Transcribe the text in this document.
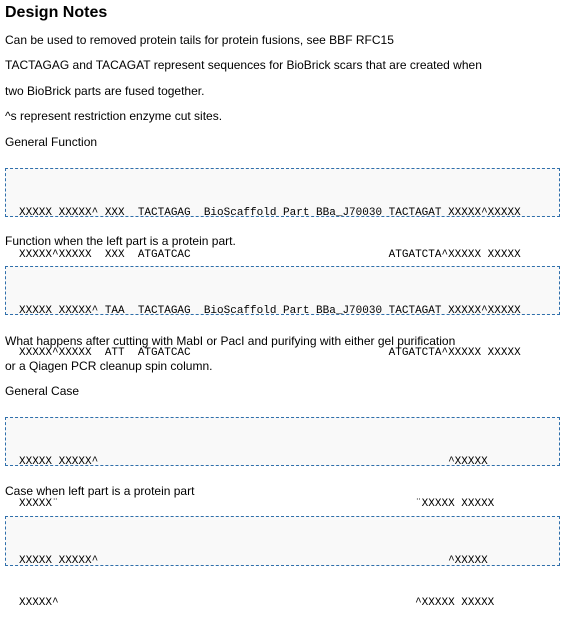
Design Notes
Can be used to removed protein tails for protein fusions, see BBF RFC15
TACTAGAG and TACAGAT represent sequences for BioBrick scars that are created when
two BioBrick parts are fused together.
^s represent restriction enzyme cut sites.
General Function

XXXXX XXXXX^ XXX  TACTAGAG  BioScaffold Part BBa_J70030 TACTAGAT XXXXX^XXXXX

XXXXX^XXXXX  XXX  ATGATCAC                              ATGATCTA^XXXXX XXXXX

Function when the left part is a protein part.

XXXXX XXXXX^ TAA  TACTAGAG  BioScaffold Part BBa_J70030 TACTAGAT XXXXX^XXXXX

XXXXX^XXXXX  ATT  ATGATCAC                              ATGATCTA^XXXXX XXXXX

What happens after cutting with MabI or PacI and purifying with either gel purification
or a Qiagen PCR cleanup spin column.
General Case

XXXXX XXXXX^                                                     ^XXXXX

XXXXX¨                                                      ¨XXXXX XXXXX

Case when left part is a protein part

XXXXX XXXXX^                                                     ^XXXXX

XXXXX^                                                      ^XXXXX XXXXX
